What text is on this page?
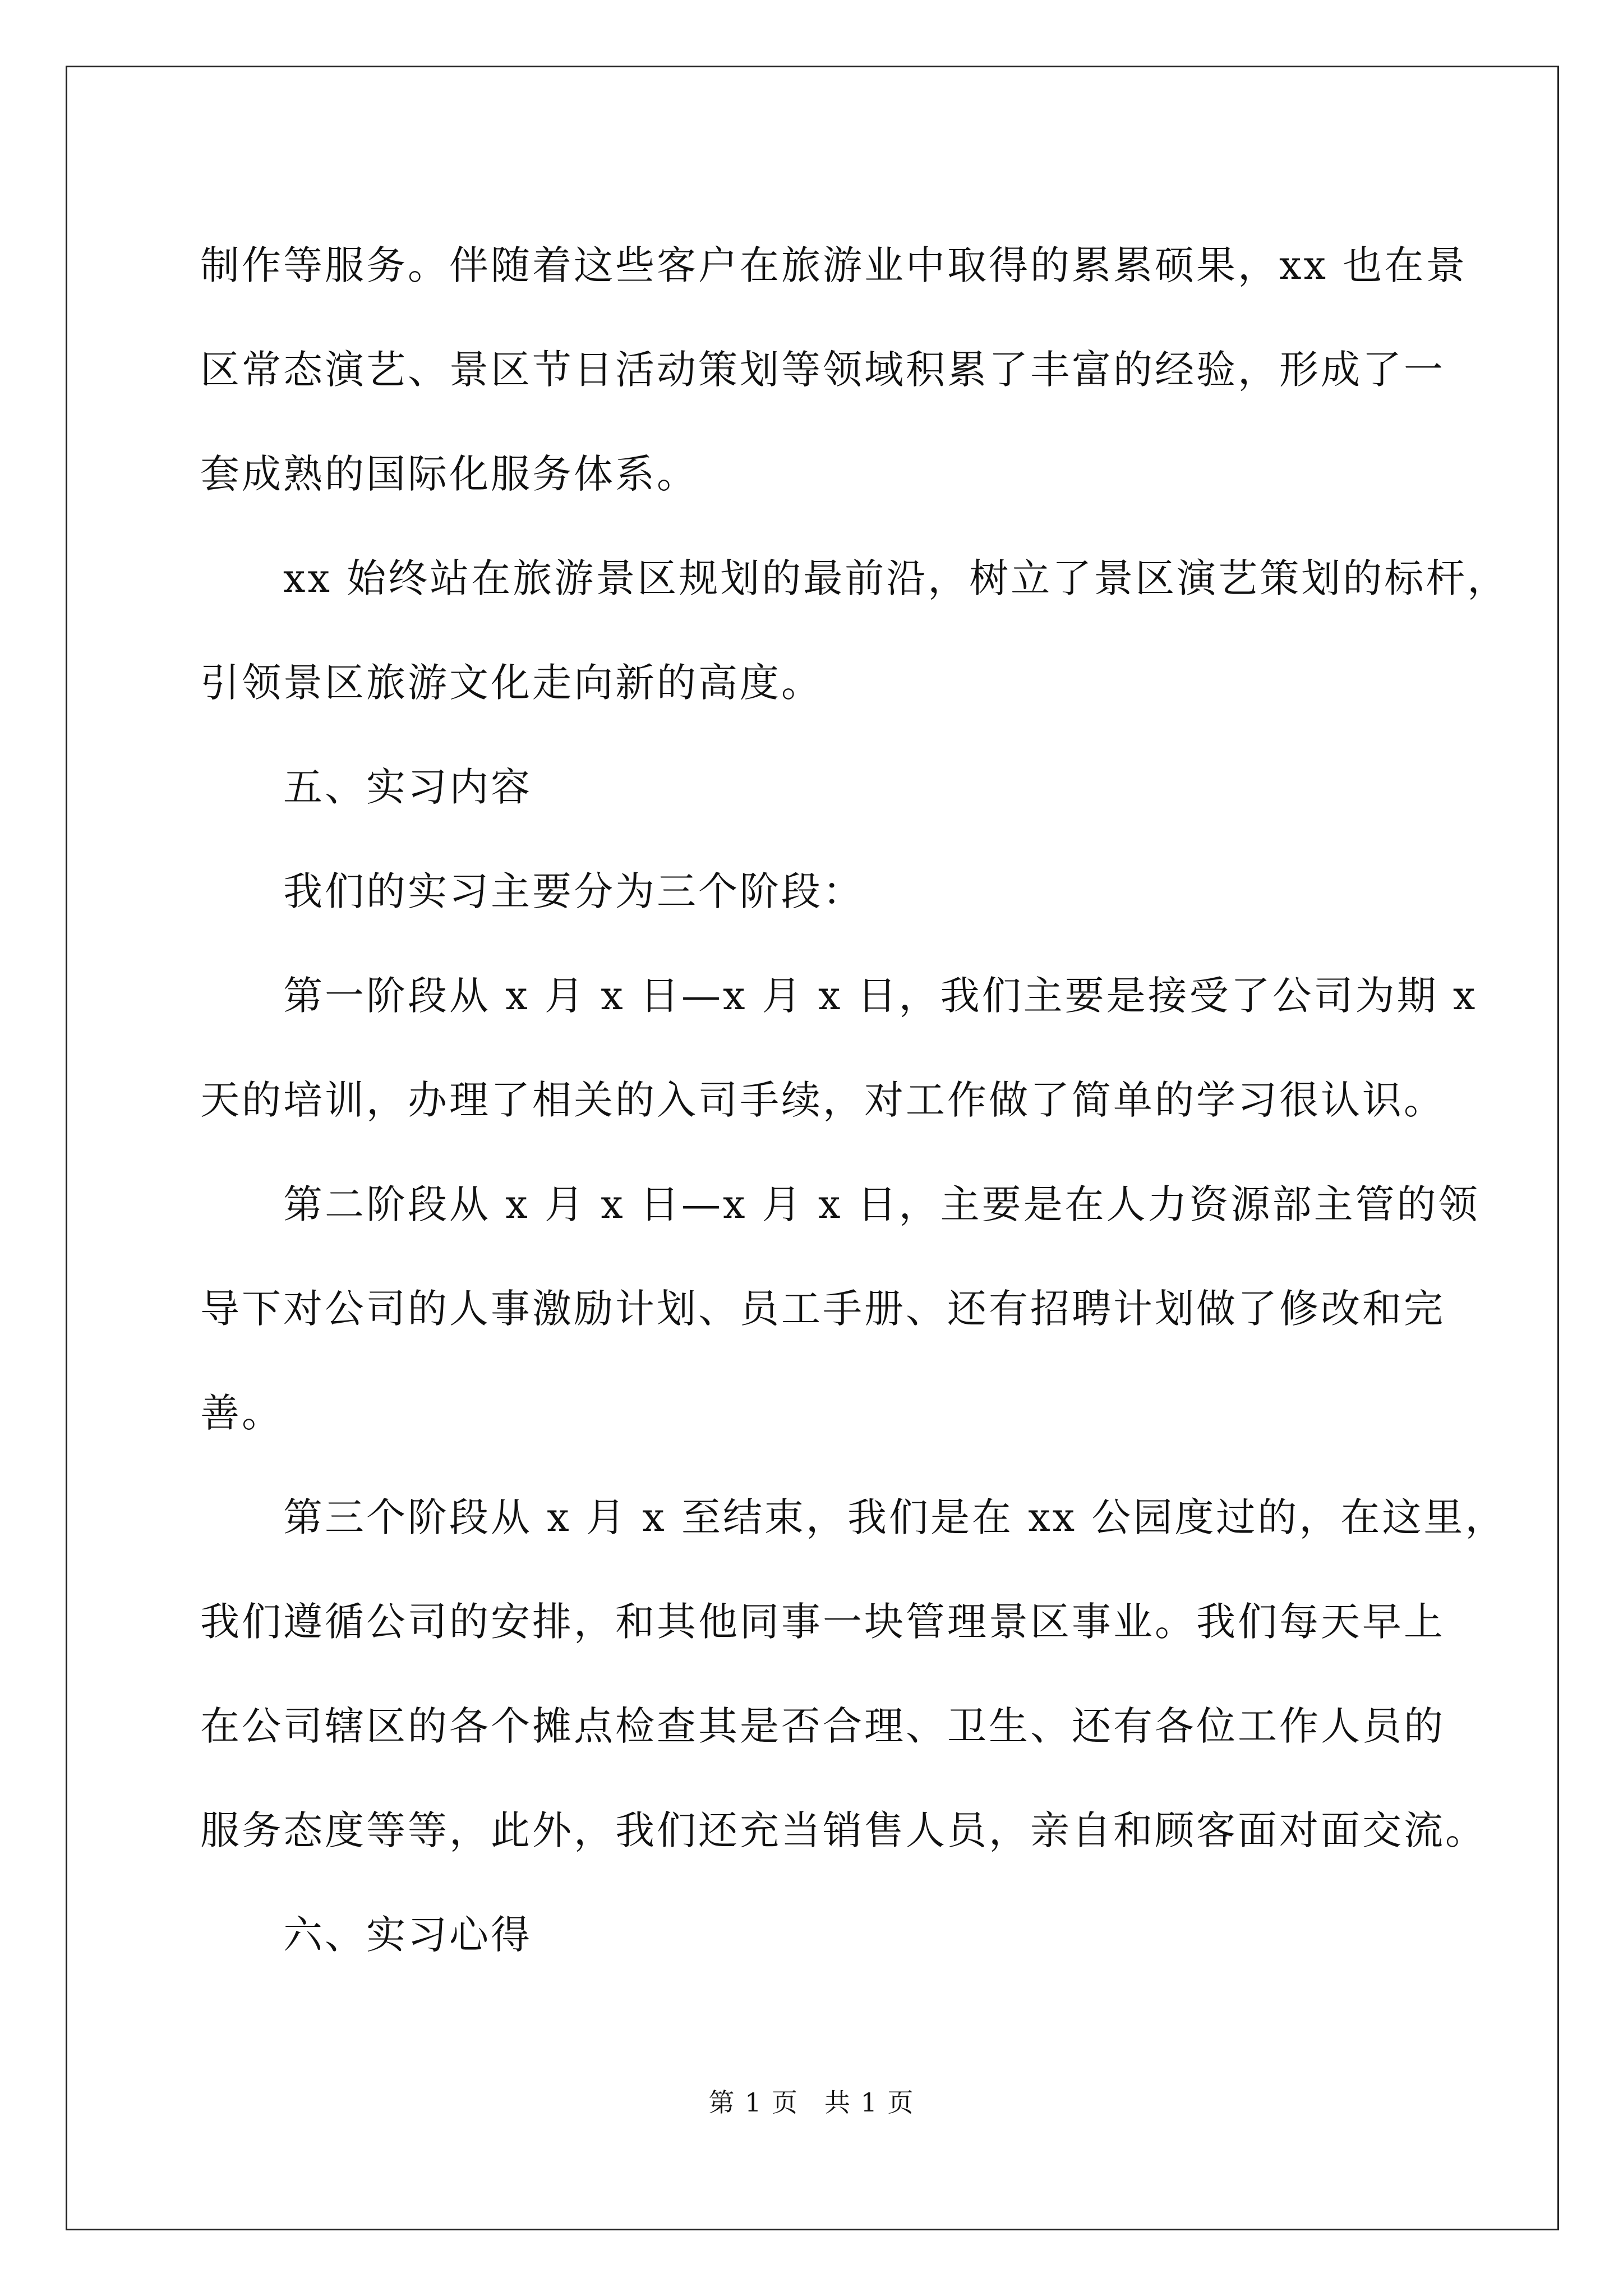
制作等服务。伴随着这些客户在旅游业中取得的累累硕果，xx 也在景
区常态演艺、景区节日活动策划等领域积累了丰富的经验，形成了一
套成熟的国际化服务体系。
xx 始终站在旅游景区规划的最前沿，树立了景区演艺策划的标杆，
引领景区旅游文化走向新的高度。
五、实习内容
我们的实习主要分为三个阶段：
第一阶段从 x 月 x 日—x 月 x 日，我们主要是接受了公司为期 x
天的培训，办理了相关的入司手续，对工作做了简单的学习很认识。
第二阶段从 x 月 x 日—x 月 x 日，主要是在人力资源部主管的领
导下对公司的人事激励计划、员工手册、还有招聘计划做了修改和完
善。
第三个阶段从 x 月 x 至结束，我们是在 xx 公园度过的，在这里，
我们遵循公司的安排，和其他同事一块管理景区事业。我们每天早上
在公司辖区的各个摊点检查其是否合理、卫生、还有各位工作人员的
服务态度等等，此外，我们还充当销售人员，亲自和顾客面对面交流。
六、实习心得
第 1 页 共 1 页
